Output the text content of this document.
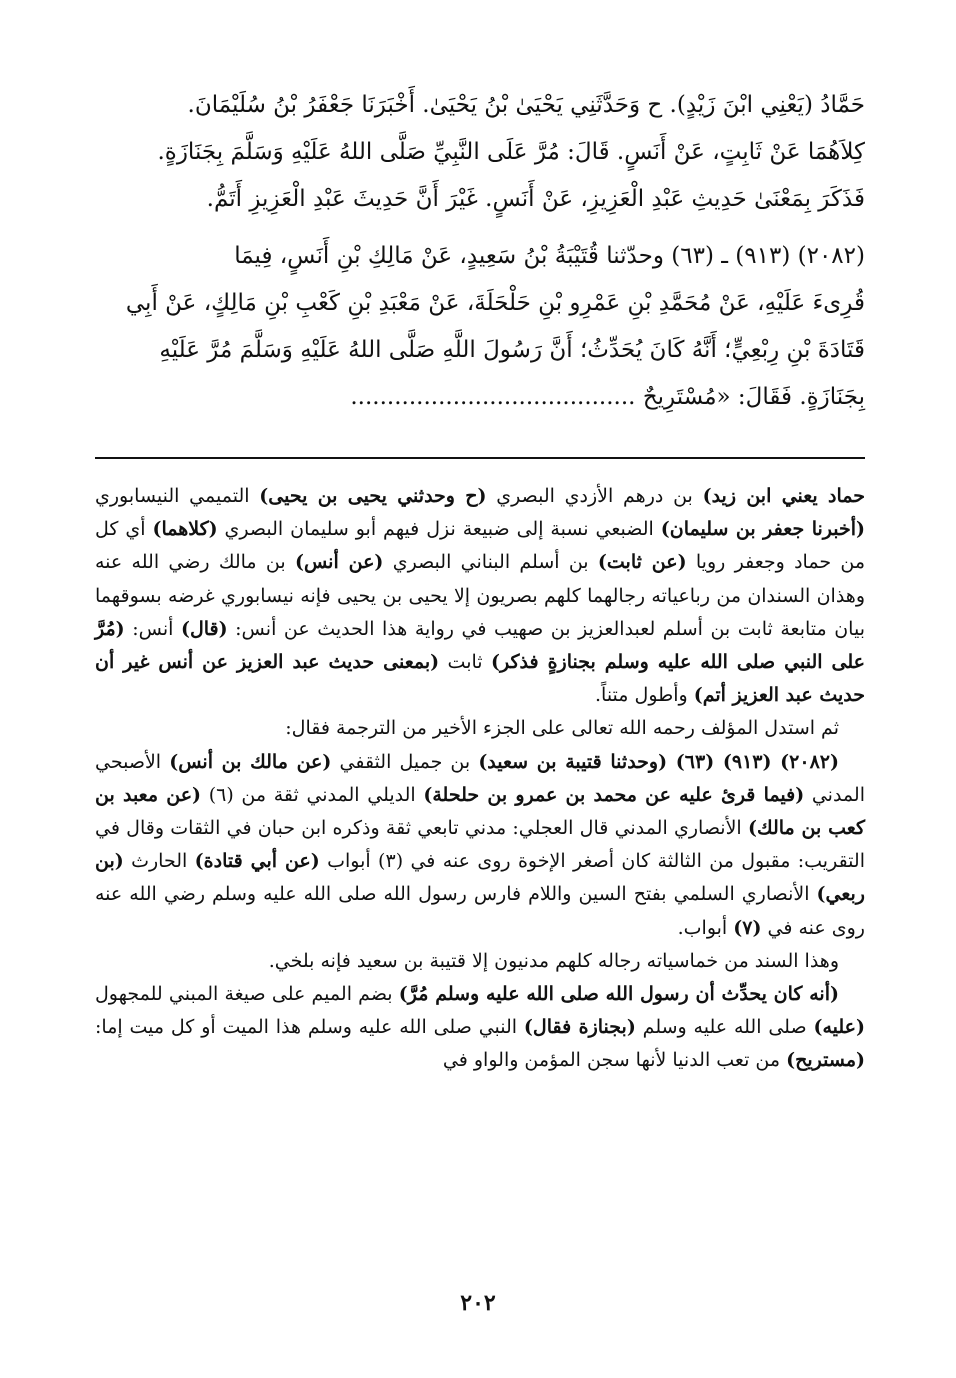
حَمَّادُ (يَعْنِي ابْنَ زَيْدٍ). ح وَحَدَّثَنِي يَحْيَىٰ بْنُ يَحْيَىٰ. أَخْبَرَنَا جَعْفَرُ بْنُ سُلَيْمَانَ.
كِلاَهُمَا عَنْ ثَابِتٍ، عَنْ أَنَسٍ. قَالَ: مُرَّ عَلَى النَّبِيِّ صَلَّى اللهُ عَلَيْهِ وَسَلَّمَ بِجَنَازَةٍ.
فَذَكَرَ بِمَعْنَىٰ حَدِيثِ عَبْدِ الْعَزِيزِ، عَنْ أَنَسٍ. غَيْرَ أَنَّ حَدِيثَ عَبْدِ الْعَزِيزِ أَتَمُّ.

(٢٠٨٢) (٩١٣) ـ (٦٣) وحدّثنا قُتَيْبَةُ بْنُ سَعِيدٍ، عَنْ مَالِكِ بْنِ أَنَسٍ، فِيمَا
قُرِىءَ عَلَيْهِ، عَنْ مُحَمَّدِ بْنِ عَمْرِو بْنِ حَلْحَلَةَ، عَنْ مَعْبَدِ بْنِ كَعْبِ بْنِ مَالِكٍ، عَنْ أَبِي
قَتَادَةَ بْنِ رِبْعِيٍّ؛ أَنَّهُ كَانَ يُحَدِّثُ؛ أَنَّ رَسُولَ اللَّهِ صَلَّى اللهُ عَلَيْهِ وَسَلَّمَ مُرَّ عَلَيْهِ
بِجَنَازَةٍ. فَقَالَ: «مُسْتَرِيحٌ .......................................

حماد يعني ابن زيد) بن درهم الأزدي البصري (ح وحدثني يحيى بن يحيى) التميمي النيسابوري (أخبرنا جعفر بن سليمان) الضبعي نسبة إلى ضبيعة نزل فيهم أبو سليمان البصري (كلاهما) أي كل من حماد وجعفر رويا (عن ثابت) بن أسلم البناني البصري (عن أنس) بن مالك رضي الله عنه وهذان السندان من رباعياته رجالهما كلهم بصريون إلا يحيى بن يحيى فإنه نيسابوري غرضه بسوقهما بيان متابعة ثابت بن أسلم لعبدالعزيز بن صهيب في رواية هذا الحديث عن أنس: (قال) أنس: (مُرَّ على النبي صلى الله عليه وسلم بجنازةٍ فذكر) ثابت (بمعنى حديث عبد العزيز عن أنس غير أن حديث عبد العزيز أتم) وأطول متناً.

ثم استدل المؤلف رحمه الله تعالى على الجزء الأخير من الترجمة فقال:

(٢٠٨٢) (٩١٣) (٦٣) (وحدثنا قتيبة بن سعيد) بن جميل الثقفي (عن مالك بن أنس) الأصبحي المدني (فيما قرئ عليه عن محمد بن عمرو بن حلحلة) الديلي المدني ثقة من (٦) (عن معبد بن كعب بن مالك) الأنصاري المدني قال العجلي: مدني تابعي ثقة وذكره ابن حبان في الثقات وقال في التقريب: مقبول من الثالثة كان أصغر الإخوة روى عنه في (٣) أبواب (عن أبي قتادة) الحارث (بن ربعي) الأنصاري السلمي بفتح السين واللام فارس رسول الله صلى الله عليه وسلم رضي الله عنه روى عنه في (٧) أبواب.

وهذا السند من خماسياته رجاله كلهم مدنيون إلا قتيبة بن سعيد فإنه بلخي.

(أنه كان يحدِّث أن رسول الله صلى الله عليه وسلم مُرَّ) بضم الميم على صيغة المبني للمجهول (عليه) صلى الله عليه وسلم (بجنازة فقال) النبي صلى الله عليه وسلم هذا الميت أو كل ميت إما: (مستريح) من تعب الدنيا لأنها سجن المؤمن والواو في

٢٠٢
